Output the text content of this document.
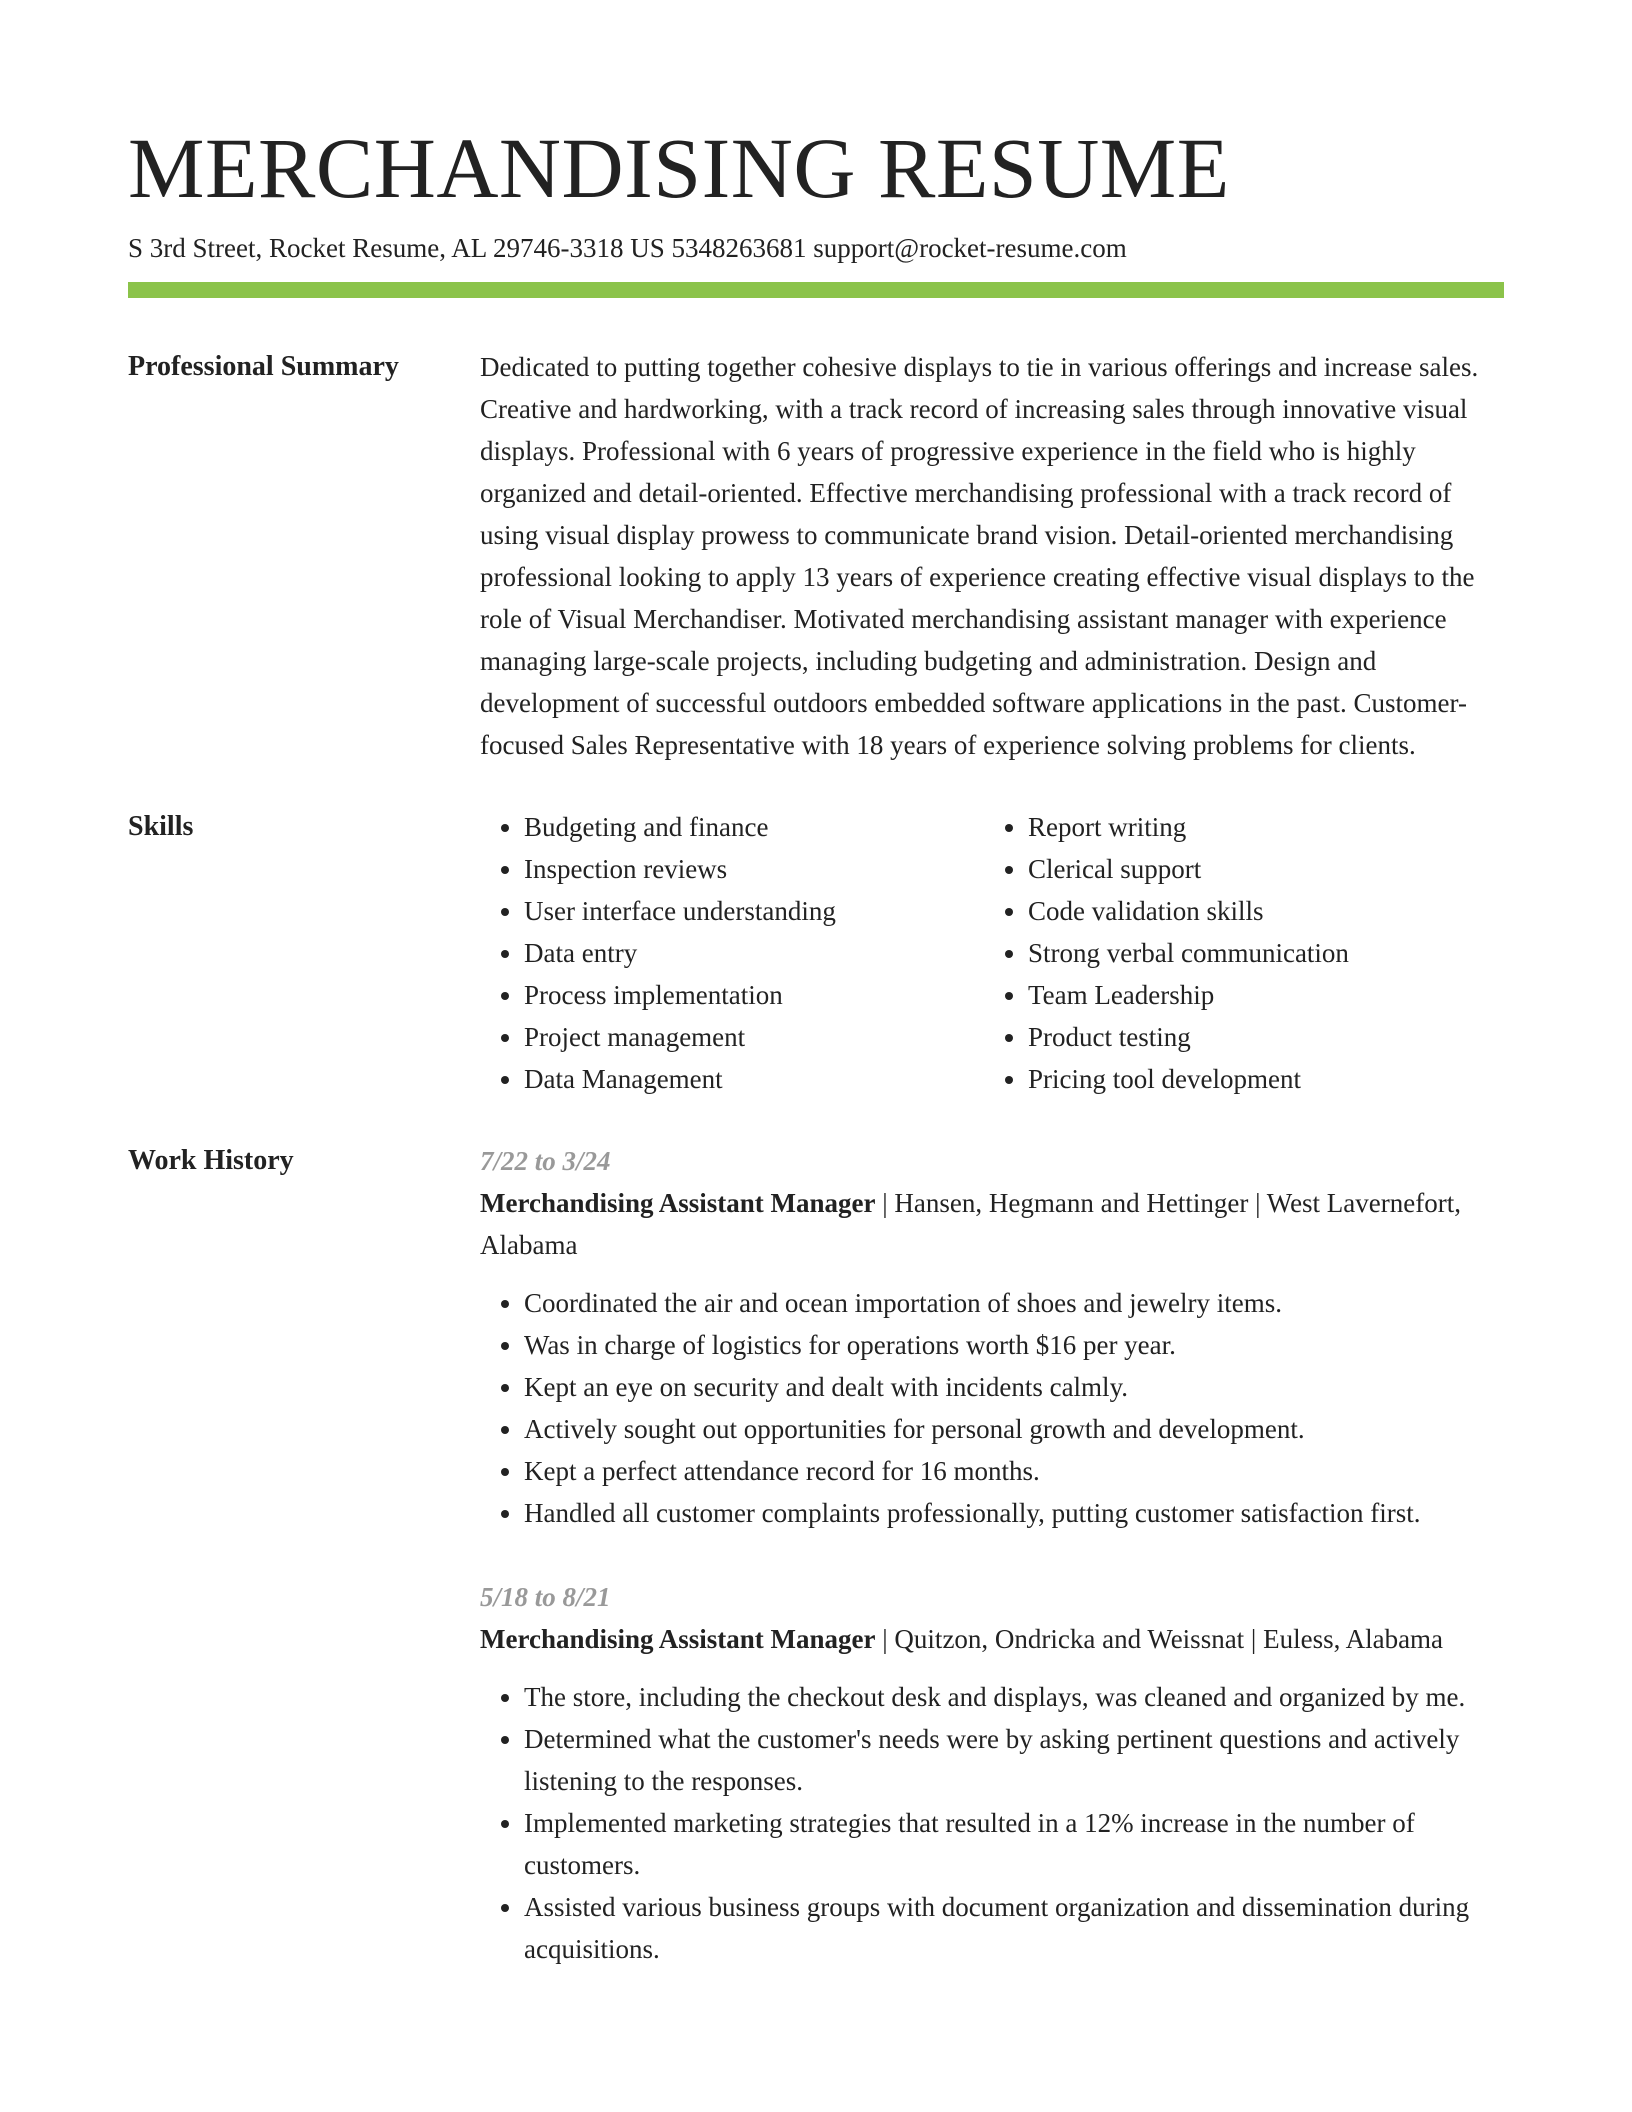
MERCHANDISING RESUME
S 3rd Street, Rocket Resume, AL 29746-3318 US 5348263681 support@rocket-resume.com
Professional Summary	Dedicated to putting together cohesive displays to tie in various offerings and increase sales. Creative and hardworking, with a track record of increasing sales through innovative visual displays. Professional with 6 years of progressive experience in the field who is highly organized and detail-oriented. Effective merchandising professional with a track record of using visual display prowess to communicate brand vision. Detail-oriented merchandising professional looking to apply 13 years of experience creating effective visual displays to the role of Visual Merchandiser. Motivated merchandising assistant manager with experience managing large-scale projects, including budgeting and administration. Design and development of successful outdoors embedded software applications in the past. Customer-focused Sales Representative with 18 years of experience solving problems for clients.

Skills
•	Budgeting and finance
• Inspection reviews
• User interface understanding
• Data entry
• Process implementation
• Project management
• Data Management
• Report writing
• Clerical support
• Code validation skills
• Strong verbal communication
• Team Leadership
• Product testing
• Pricing tool development
Work History	7/22 to 3/24

Merchandising Assistant Manager | Hansen, Hegmann and Hettinger | West Lavernefort, Alabama

• Coordinated the air and ocean importation of shoes and jewelry items.
• Was in charge of logistics for operations worth $16 per year.
• Kept an eye on security and dealt with incidents calmly.
• Actively sought out opportunities for personal growth and development.
• Kept a perfect attendance record for 16 months.
• Handled all customer complaints professionally, putting customer satisfaction first.
5/18 to 8/21

Merchandising Assistant Manager | Quitzon, Ondricka and Weissnat | Euless, Alabama

• The store, including the checkout desk and displays, was cleaned and organized by me.
• Determined what the customer's needs were by asking pertinent questions and actively listening to the responses.
• Implemented marketing strategies that resulted in a 12% increase in the number of customers.
• Assisted various business groups with document organization and dissemination during acquisitions.
